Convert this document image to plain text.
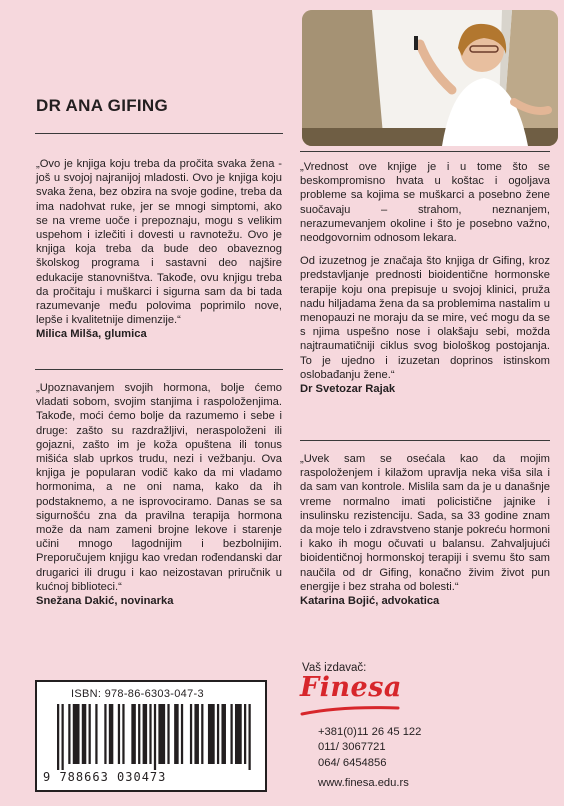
DR ANA GIFING

„Ovo je knjiga koju treba da pročita svaka žena - još u svojoj najranijoj mladosti. Ovo je knjiga koju svaka žena, bez obzira na svoje godine, treba da ima nadohvat ruke, jer se mnogi simptomi, ako se na vreme uoče i prepoznaju, mogu s velikim uspehom i izlečiti i dovesti u ravnotežu. Ovo je knjiga koja treba da bude deo obaveznog školskog programa i sastavni deo najšire edukacije stanovništva. Takođe, ovu knjigu treba da pročitaju i muškarci i sigurna sam da bi tada razumevanje među polovima poprimilo nove, lepše i kvalitetnije dimenzije.“

Milica Milša, glumica

„Upoznavanjem svojih hormona, bolje ćemo vladati sobom, svojim stanjima i raspoloženjima. Takođe, moći ćemo bolje da razumemo i sebe i druge: zašto su razdražljivi, neraspoloženi ili gojazni, zašto im je koža opuštena ili tonus mišića slab uprkos trudu, nezi i vežbanju. Ova knjiga je popularan vodič kako da mi vladamo hormonima, a ne oni nama, kako da ih podstaknemo, a ne isprovociramo. Danas se sa sigurnošću zna da pravilna terapija hormona može da nam zameni brojne lekove i starenje učini mnogo lagodnijim i bezbolnijim. Preporučujem knjigu kao vredan rođendanski dar drugarici ili drugu i kao neizostavan priručnik u kućnoj biblioteci.“

Snežana Dakić, novinarka

„Vrednost ove knjige je i u tome što se beskompromisno hvata u koštac i ogoljava probleme sa kojima se muškarci a posebno žene suočavaju – strahom, neznanjem, nerazumevanjem okoline i što je posebno važno, neodgovornim odnosom lekara.

Od izuzetnog je značaja što knjiga dr Gifing, kroz predstavljanje prednosti bioidentične hormonske terapije koju ona prepisuje u svojoj klinici, pruža nadu hiljadama žena da sa problemima nastalim u menopauzi ne moraju da se mire, već mogu da se s njima uspešno nose i olakšaju sebi, možda najtraumatičniji ciklus svog biološkog postojanja. To je ujedno i izuzetan doprinos istinskom oslobađanju žene.“

Dr Svetozar Rajak

„Uvek sam se osećala kao da mojim raspoloženjem i kilažom upravlja neka viša sila i da sam van kontrole. Mislila sam da je u današnje vreme normalno imati policistične jajnike i insulinsku rezistenciju. Sada, sa 33 godine znam da moje telo i zdravstveno stanje pokreću hormoni i kako ih mogu očuvati u balansu. Zahvaljujući bioidentičnoj hormonskoj terapiji i svemu što sam naučila od dr Gifing, konačno živim život pun energije i bez straha od bolesti.“

Katarina Bojić, advokatica

ISBN: 978-86-6303-047-3
9 788663 030473
Vaš izdavač:
Finesa
+381(0)11 26 45 122
011/ 3067721
064/ 6454856
www.finesa.edu.rs
